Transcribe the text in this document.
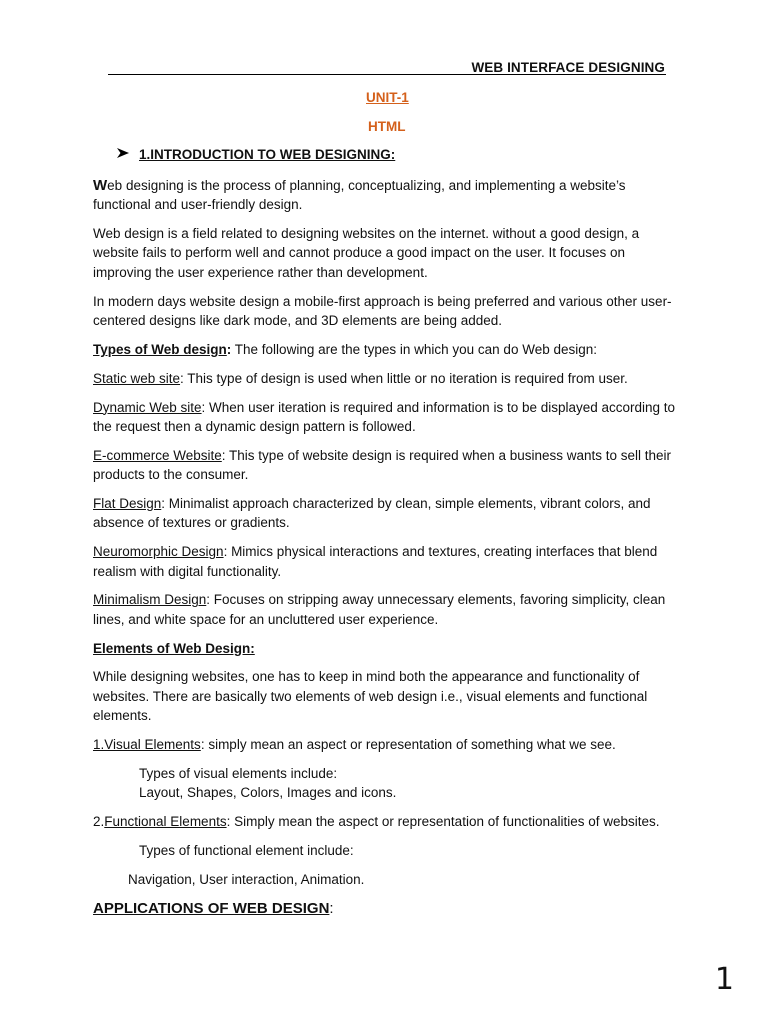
WEB INTERFACE DESIGNING
UNIT-1
HTML
1.INTRODUCTION TO WEB DESIGNING:

Web designing is the process of planning, conceptualizing, and implementing a website’s functional and user-friendly design.

Web design is a field related to designing websites on the internet. without a good design, a website fails to perform well and cannot produce a good impact on the user. It focuses on improving the user experience rather than development.

In modern days website design a mobile-first approach is being preferred and various other user-centered designs like dark mode, and 3D elements are being added.

Types of Web design: The following are the types in which you can do Web design:

Static web site: This type of design is used when little or no iteration is required from user.

Dynamic Web site: When user iteration is required and information is to be displayed according to the request then a dynamic design pattern is followed.

E-commerce Website: This type of website design is required when a business wants to sell their products to the consumer.

Flat Design: Minimalist approach characterized by clean, simple elements, vibrant colors, and absence of textures or gradients.

Neuromorphic Design: Mimics physical interactions and textures, creating interfaces that blend realism with digital functionality.

Minimalism Design: Focuses on stripping away unnecessary elements, favoring simplicity, clean lines, and white space for an uncluttered user experience.

Elements of Web Design:

While designing websites, one has to keep in mind both the appearance and functionality of websites. There are basically two elements of web design i.e., visual elements and functional elements.

1.Visual Elements: simply mean an aspect or representation of something what we see.

Types of visual elements include:
Layout, Shapes, Colors, Images and icons.

2.Functional Elements: Simply mean the aspect or representation of functionalities of websites.

Types of functional element include:

Navigation, User interaction, Animation.

APPLICATIONS OF WEB DESIGN:

1
